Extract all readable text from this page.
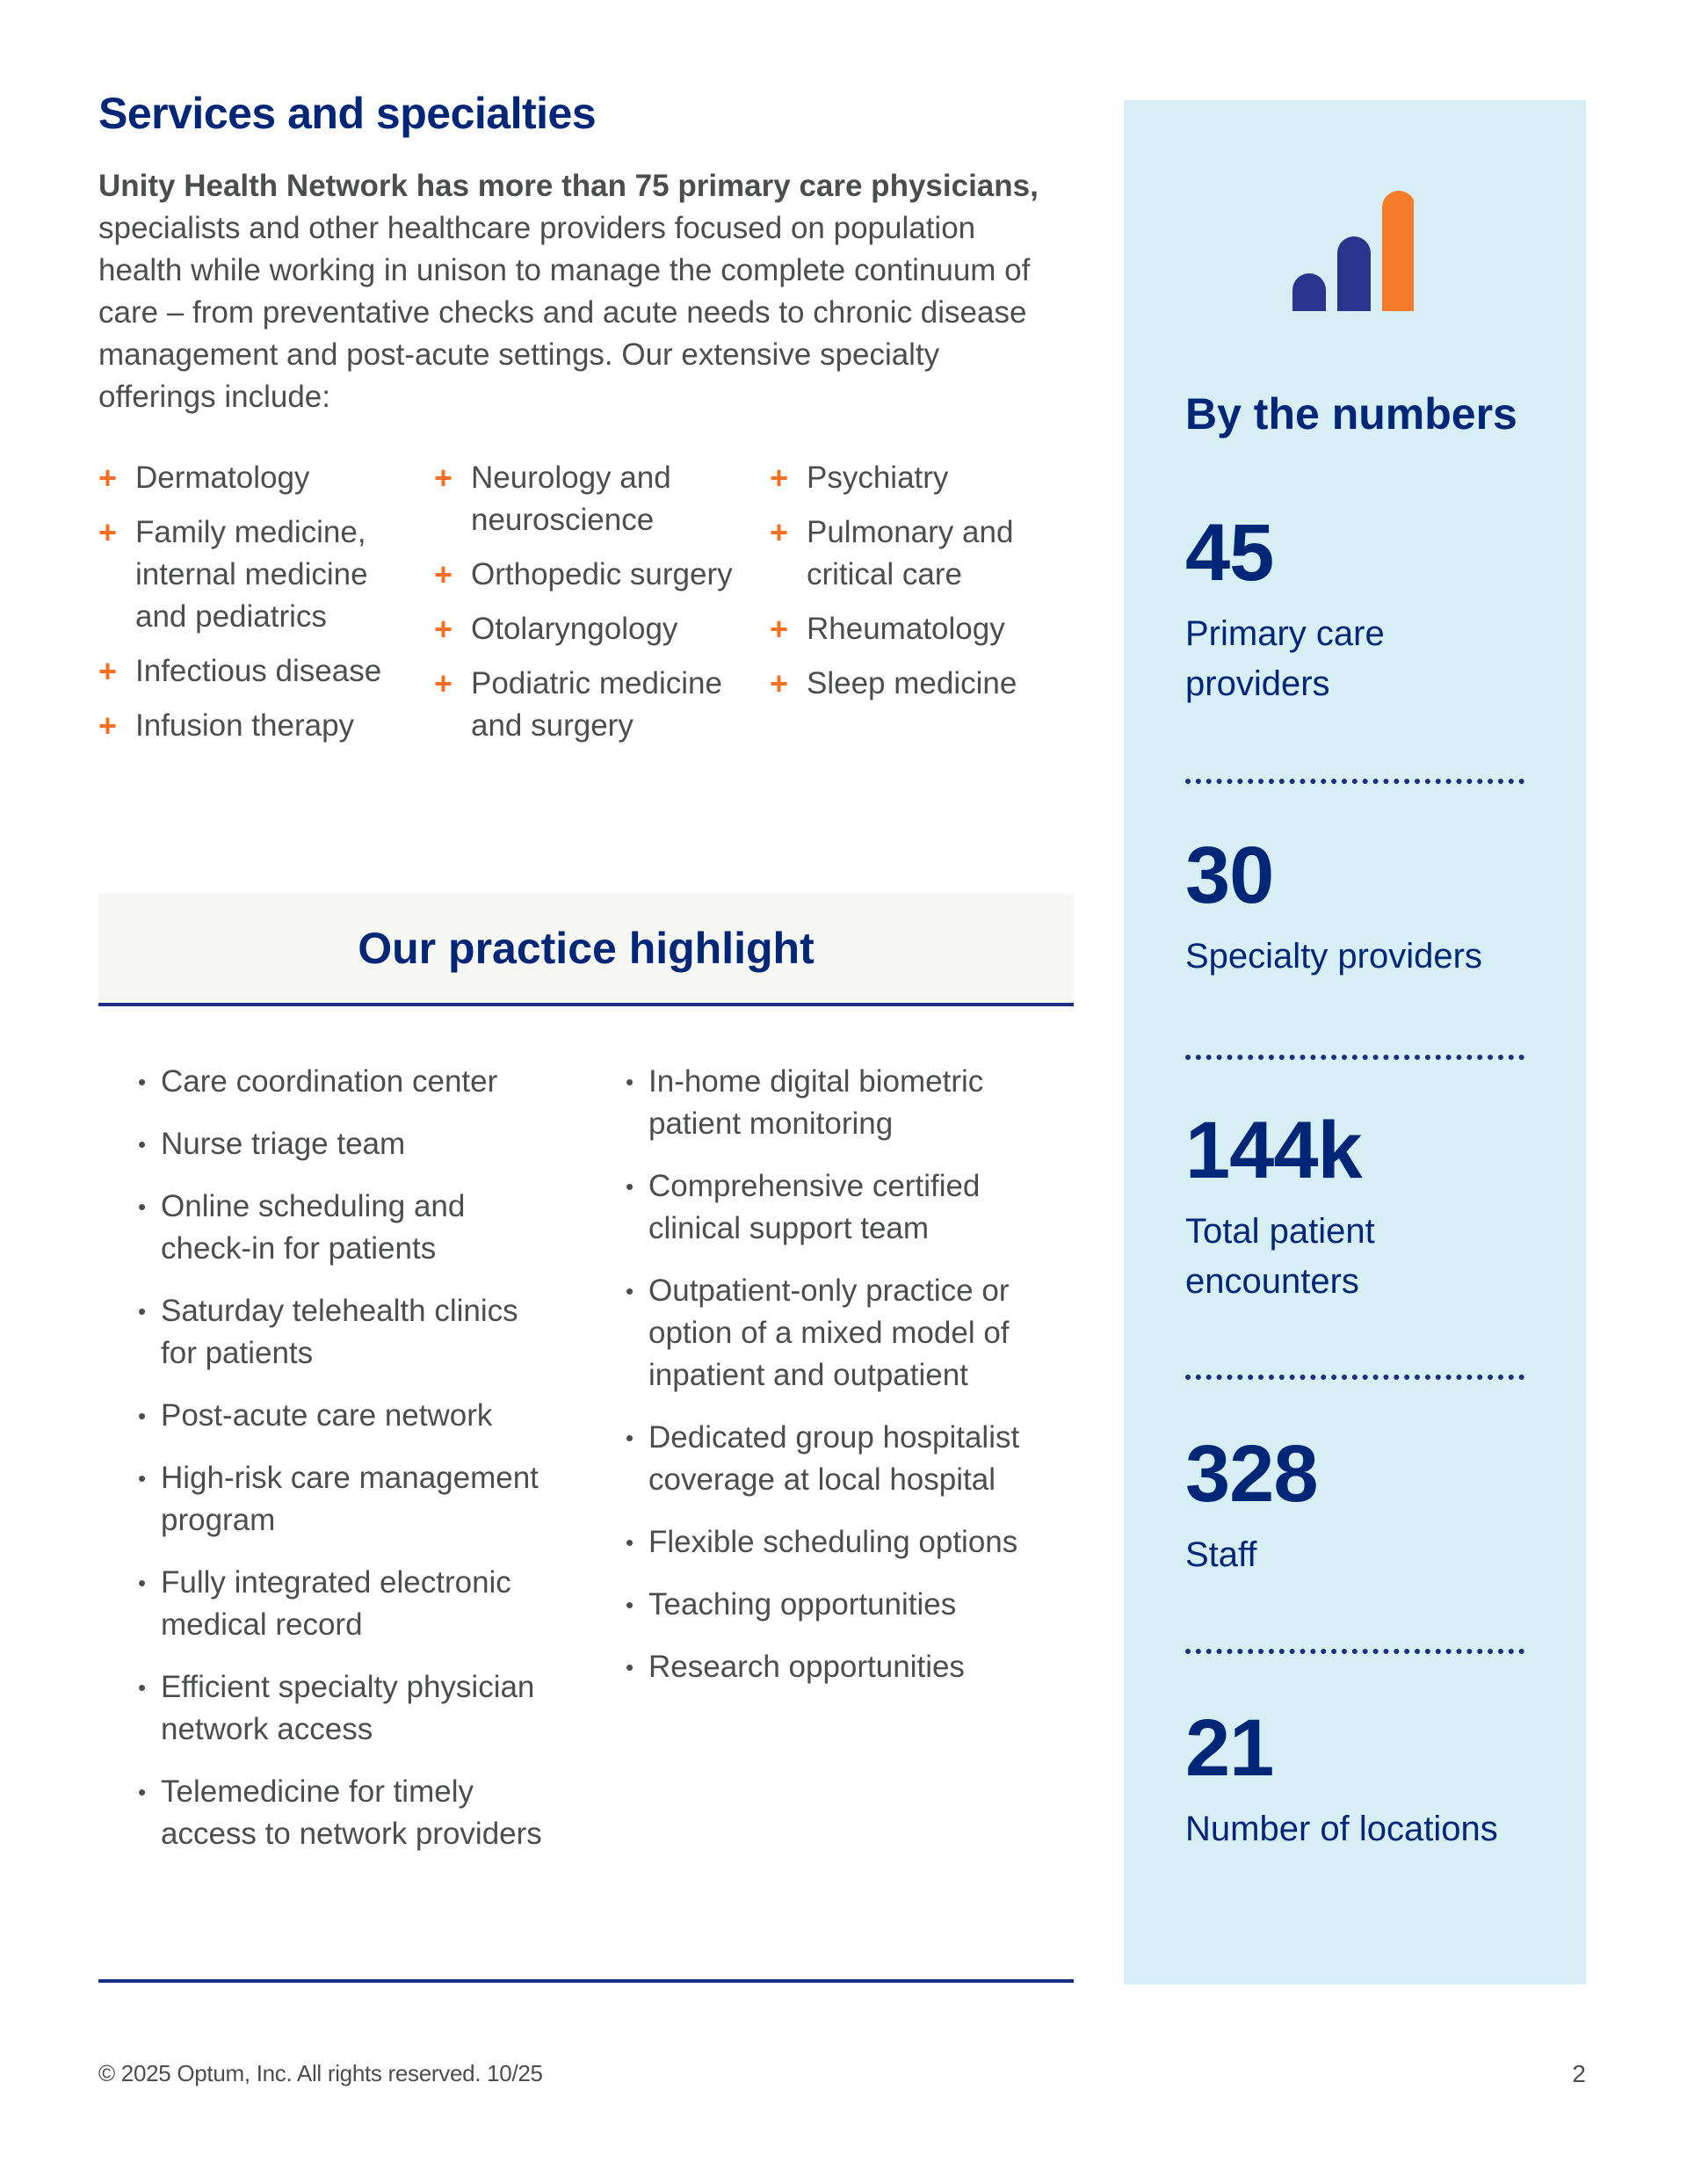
Services and specialties

Unity Health Network has more than 75 primary care physicians, specialists and other healthcare providers focused on population health while working in unison to manage the complete continuum of care – from preventative checks and acute needs to chronic disease management and post-acute settings. Our extensive specialty offerings include:

+ Dermatology
+ Family medicine, internal medicine and pediatrics
+ Infectious disease
+ Infusion therapy
+ Neurology and neuroscience
+ Orthopedic surgery
+ Otolaryngology
+ Podiatric medicine and surgery
+ Psychiatry
+ Pulmonary and critical care
+ Rheumatology
+ Sleep medicine
Our practice highlight
• Care coordination center
• Nurse triage team
• Online scheduling and check-in for patients
• Saturday telehealth clinics for patients
• Post-acute care network
• High-risk care management program
• Fully integrated electronic medical record
• Efficient specialty physician network access
• Telemedicine for timely access to network providers
• In-home digital biometric patient monitoring
• Comprehensive certified clinical support team
• Outpatient-only practice or option of a mixed model of inpatient and outpatient
• Dedicated group hospitalist coverage at local hospital
• Flexible scheduling options
• Teaching opportunities
• Research opportunities
By the numbers
45
Primary care providers
30
Specialty providers
144k
Total patient encounters
328
Staff
21
Number of locations
© 2025 Optum, Inc. All rights reserved. 10/25	2
